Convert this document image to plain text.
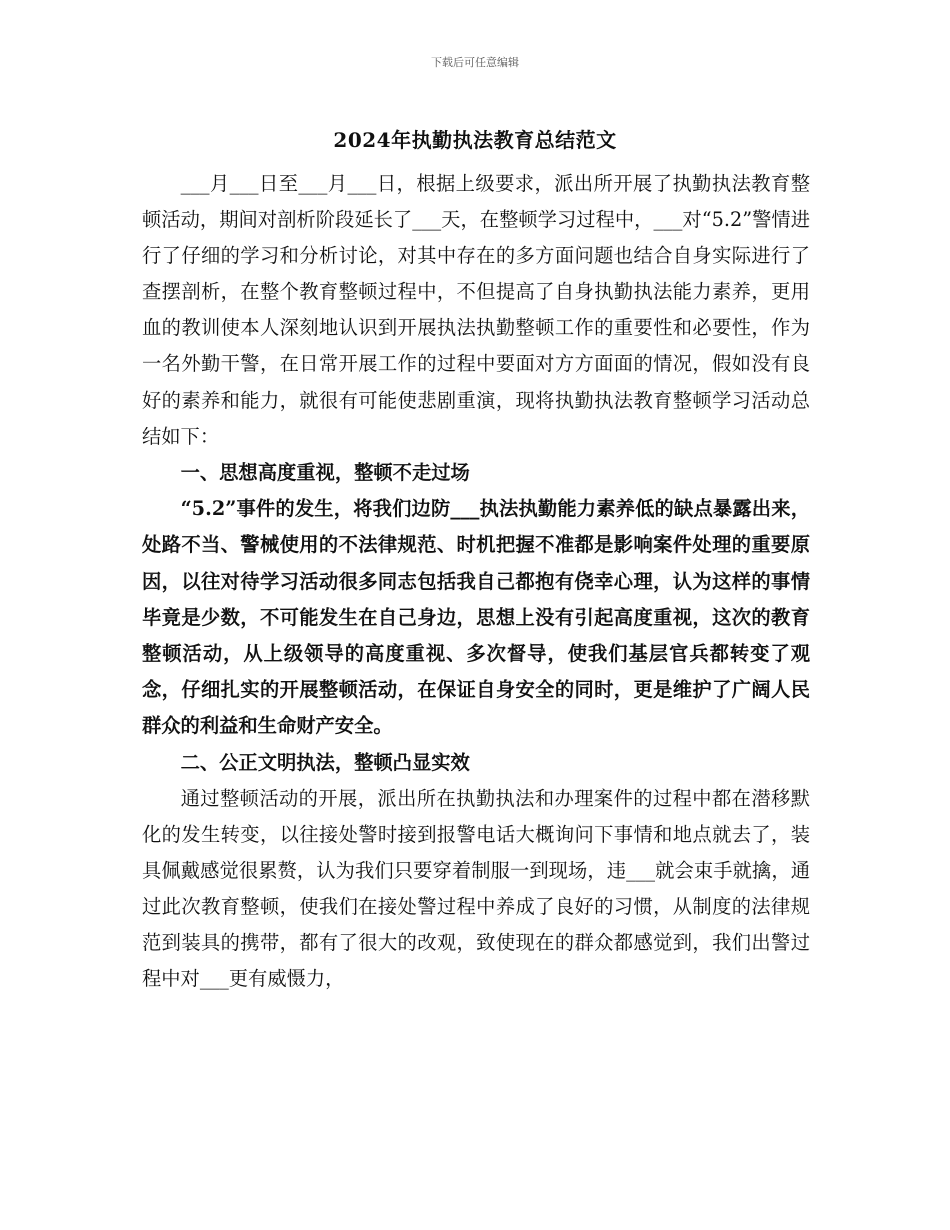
下载后可任意编辑
2024年执勤执法教育总结范文

___月___日至___月___日，根据上级要求，派出所开展了执勤执法教育整顿活动，期间对剖析阶段延长了___天，在整顿学习过程中，___对“5.2”警情进行了仔细的学习和分析讨论，对其中存在的多方面问题也结合自身实际进行了查摆剖析，在整个教育整顿过程中，不但提高了自身执勤执法能力素养，更用血的教训使本人深刻地认识到开展执法执勤整顿工作的重要性和必要性，作为一名外勤干警，在日常开展工作的过程中要面对方方面面的情况，假如没有良好的素养和能力，就很有可能使悲剧重演，现将执勤执法教育整顿学习活动总结如下：

一、思想高度重视，整顿不走过场

“5.2”事件的发生，将我们边防___执法执勤能力素养低的缺点暴露出来，处路不当、警械使用的不法律规范、时机把握不准都是影响案件处理的重要原因，以往对待学习活动很多同志包括我自己都抱有侥幸心理，认为这样的事情毕竟是少数，不可能发生在自己身边，思想上没有引起高度重视，这次的教育整顿活动，从上级领导的高度重视、多次督导，使我们基层官兵都转变了观念，仔细扎实的开展整顿活动，在保证自身安全的同时，更是维护了广阔人民群众的利益和生命财产安全。

二、公正文明执法，整顿凸显实效

通过整顿活动的开展，派出所在执勤执法和办理案件的过程中都在潜移默化的发生转变，以往接处警时接到报警电话大概询问下事情和地点就去了，装具佩戴感觉很累赘，认为我们只要穿着制服一到现场，违___就会束手就擒，通过此次教育整顿，使我们在接处警过程中养成了良好的习惯，从制度的法律规范到装具的携带，都有了很大的改观，致使现在的群众都感觉到，我们出警过程中对___更有威慑力，
